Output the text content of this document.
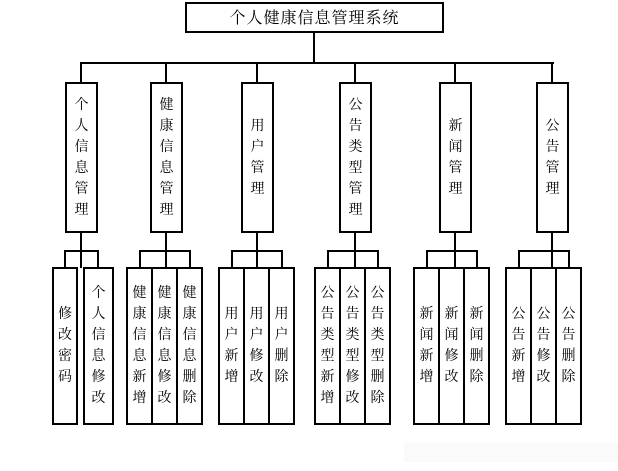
个人健康信息管理系统
个人信息管理
健康信息管理
用户管理
公告类型管理
新闻管理
公告管理
修改密码
个人信息修改
健康信息新增
健康信息修改
健康信息删除
用户新增
用户修改
用户删除
公告类型新增
公告类型修改
公告类型删除
新闻新增
新闻修改
新闻删除
公告新增
公告修改
公告删除
